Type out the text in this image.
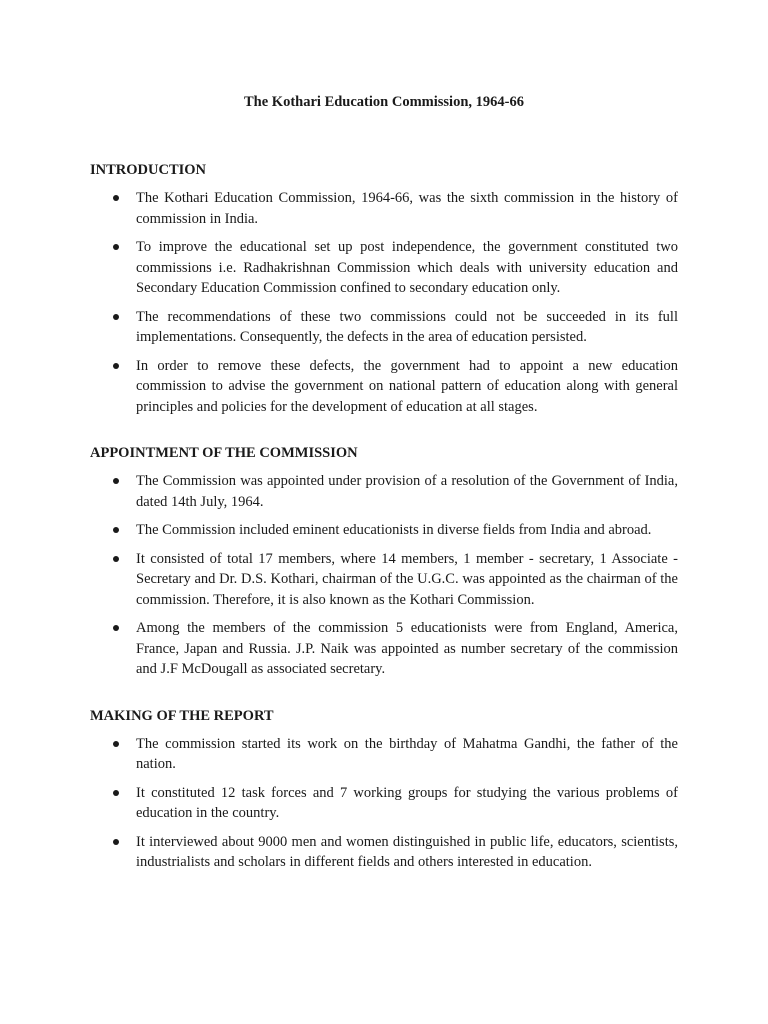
The Kothari Education Commission, 1964-66
INTRODUCTION
The Kothari Education Commission, 1964-66, was the sixth commission in the history of commission in India.
To improve the educational set up post independence, the government constituted two commissions i.e. Radhakrishnan Commission which deals with university education and Secondary Education Commission confined to secondary education only.
The recommendations of these two commissions could not be succeeded in its full implementations. Consequently, the defects in the area of education persisted.
In order to remove these defects, the government had to appoint a new education commission to advise the government on national pattern of education along with general principles and policies for the development of education at all stages.
APPOINTMENT OF THE COMMISSION
The Commission was appointed under provision of a resolution of the Government of India, dated 14th July, 1964.
The Commission included eminent educationists in diverse fields from India and abroad.
It consisted of total 17 members, where 14 members, 1 member - secretary, 1 Associate - Secretary and Dr. D.S. Kothari, chairman of the U.G.C. was appointed as the chairman of the commission. Therefore, it is also known as the Kothari Commission.
Among the members of the commission 5 educationists were from England, America, France, Japan and Russia. J.P. Naik was appointed as number secretary of the commission and J.F McDougall as associated secretary.
MAKING OF THE REPORT
The commission started its work on the birthday of Mahatma Gandhi, the father of the nation.
It constituted 12 task forces and 7 working groups for studying the various problems of education in the country.
It interviewed about 9000 men and women distinguished in public life, educators, scientists, industrialists and scholars in different fields and others interested in education.
